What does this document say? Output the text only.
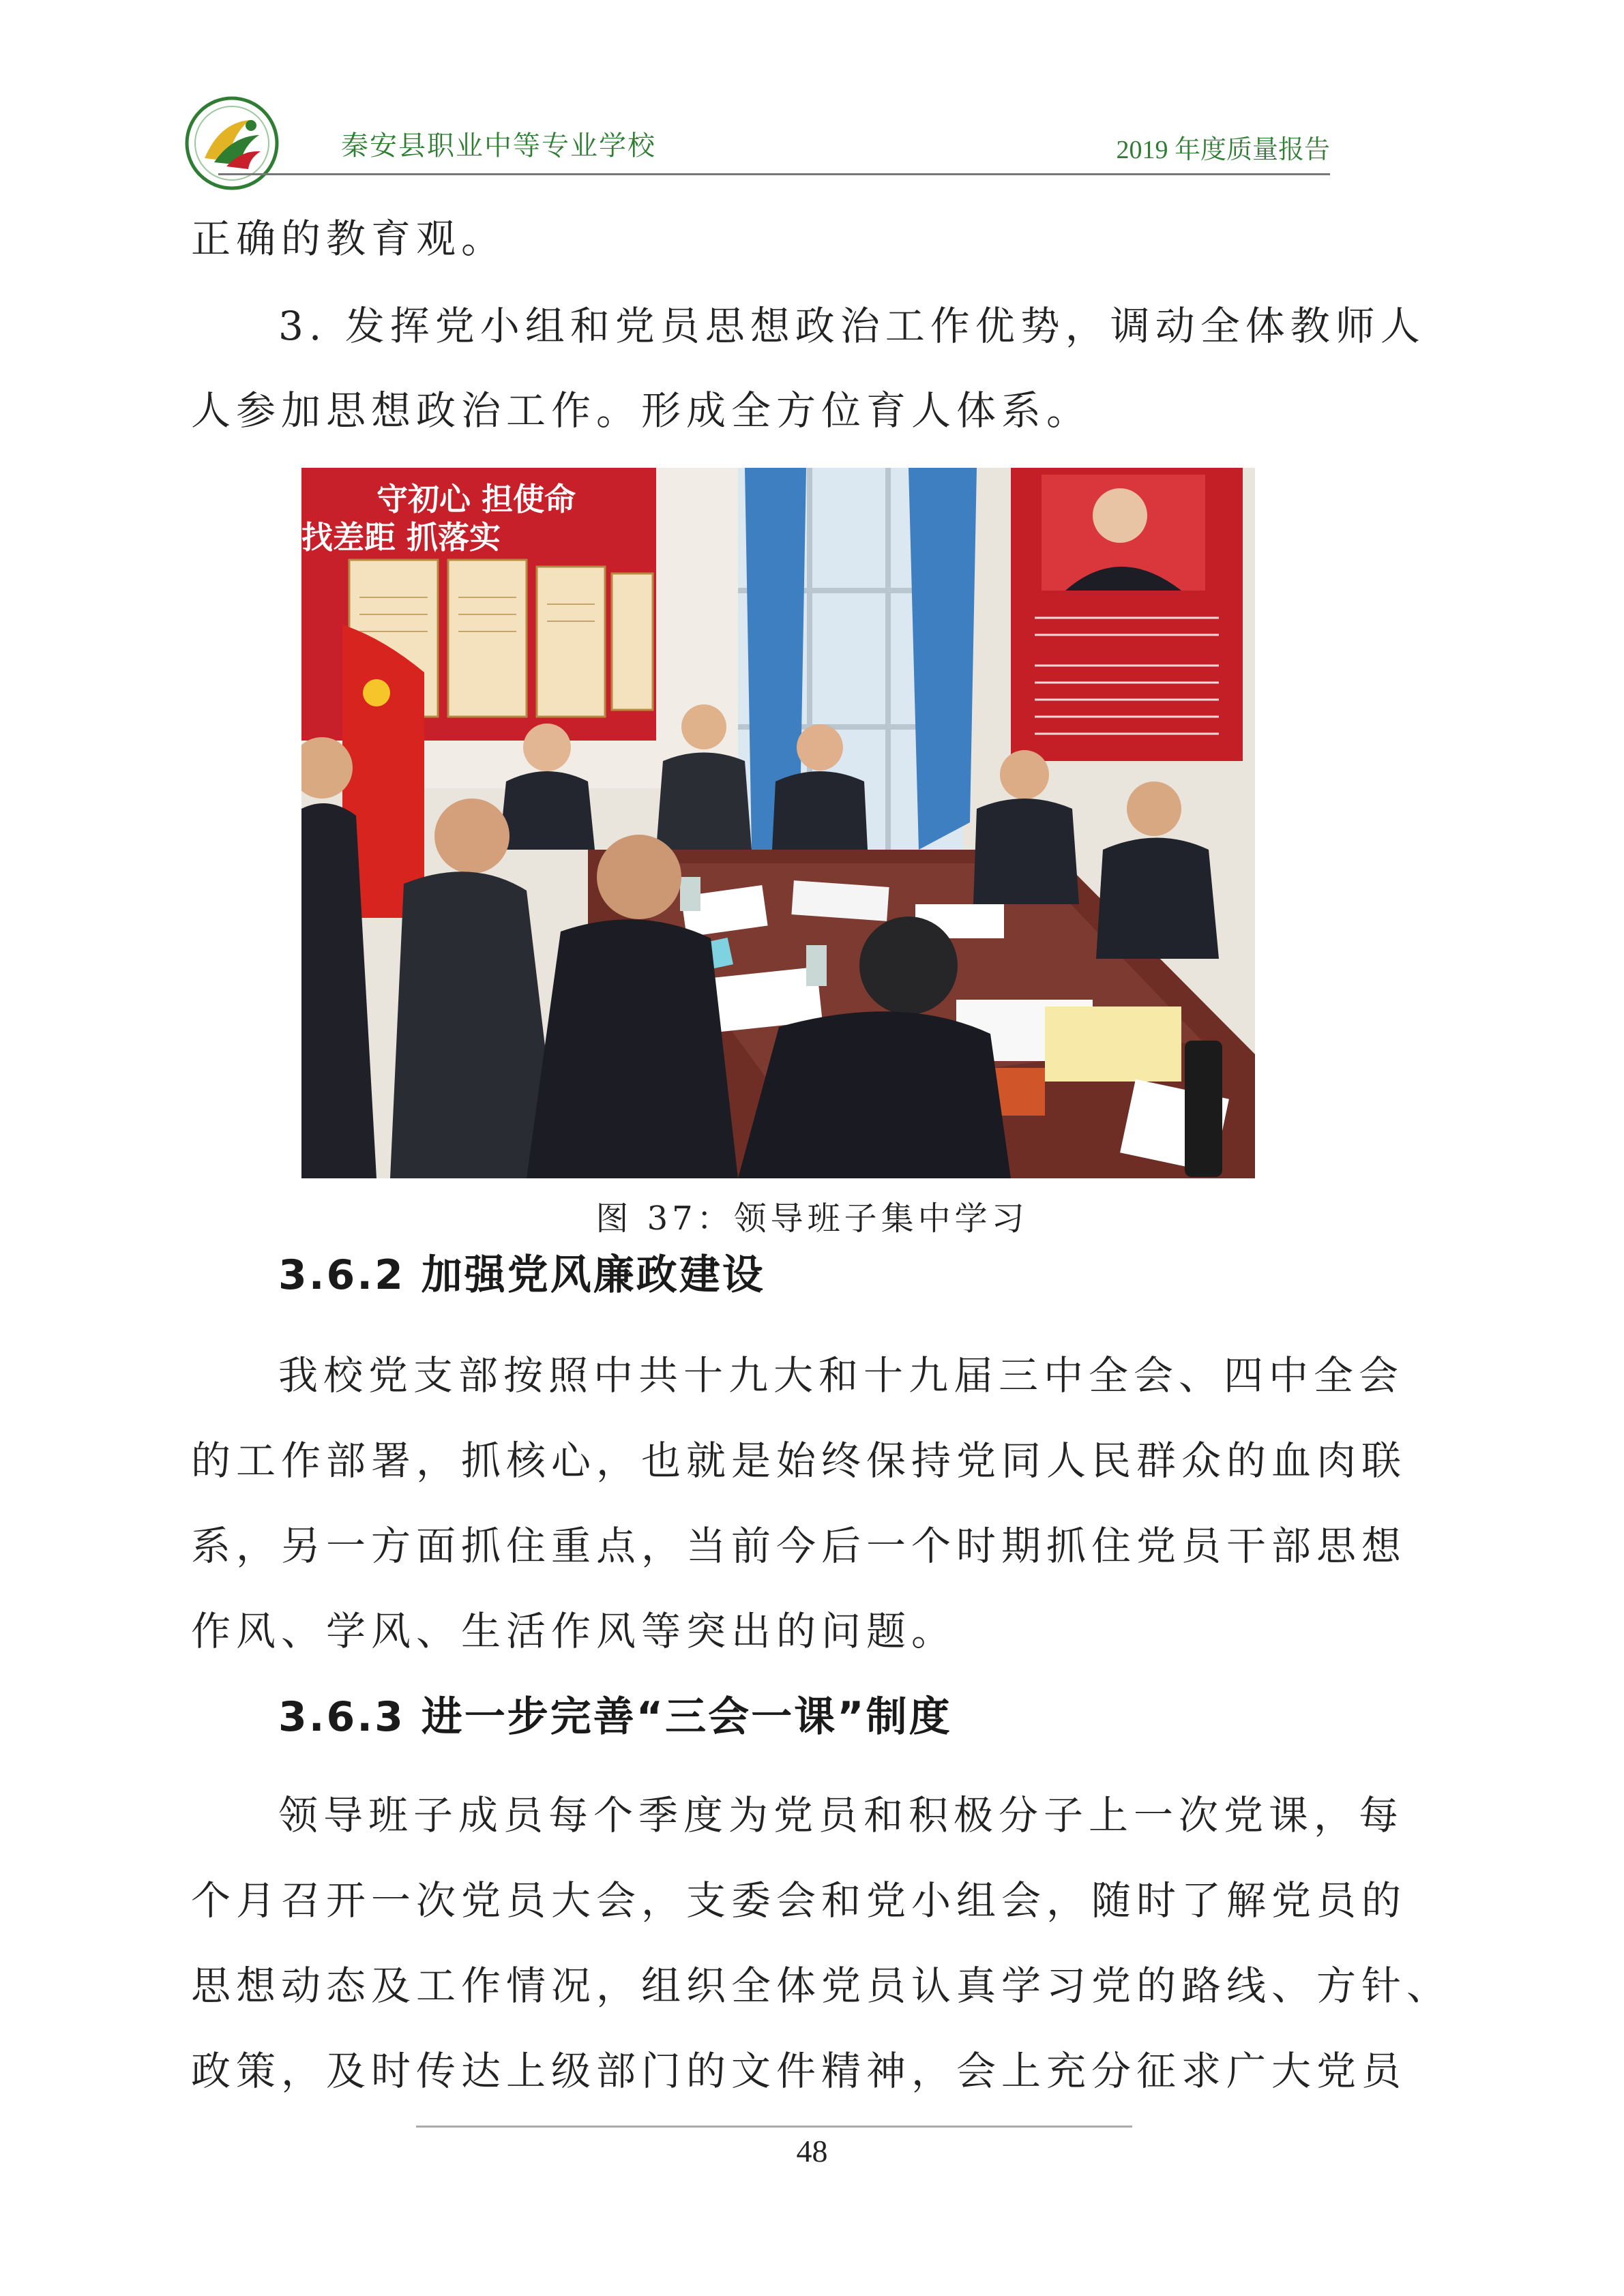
秦安县职业中等专业学校	2019 年度质量报告

正确的教育观。

3. 发挥党小组和党员思想政治工作优势，调动全体教师人

人参加思想政治工作。形成全方位育人体系。

守初心 担使命
找差距 抓落实

图 37：领导班子集中学习

3.6.2 加强党风廉政建设

我校党支部按照中共十九大和十九届三中全会、四中全会

的工作部署，抓核心，也就是始终保持党同人民群众的血肉联

系，另一方面抓住重点，当前今后一个时期抓住党员干部思想

作风、学风、生活作风等突出的问题。

3.6.3 进一步完善“三会一课”制度

领导班子成员每个季度为党员和积极分子上一次党课，每

个月召开一次党员大会，支委会和党小组会，随时了解党员的

思想动态及工作情况，组织全体党员认真学习党的路线、方针、

政策，及时传达上级部门的文件精神，会上充分征求广大党员

48
